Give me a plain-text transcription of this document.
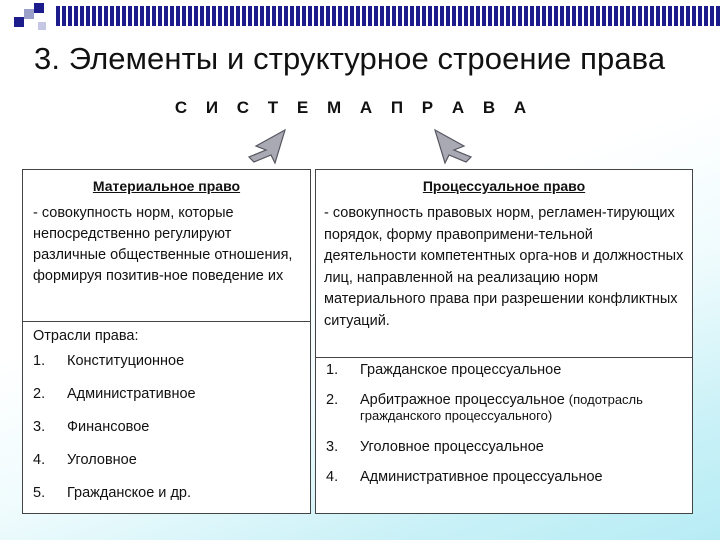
3. Элементы и структурное строение права
С И С Т Е М А П Р А В А
Отрасли права:
1. Конституционное
2. Административное
3. Финансовое
4. Уголовное
5. Гражданское и др.
Материальное право
- совокупность норм, которые непосредственно регулируют различные общественные отношения, формируя позитив-ное поведение их
1. Гражданское процессуальное
2. Арбитражное процессуальное (подотрасль гражданского процессуального)
3. Уголовное процессуальное
4. Административное процессуальное
Процессуальное право
- совокупность правовых норм, регламен-тирующих порядок, форму правопримени-тельной деятельности компетентных орга-нов и должностных лиц, направленной на реализацию норм материального права при разрешении конфликтных ситуаций.
